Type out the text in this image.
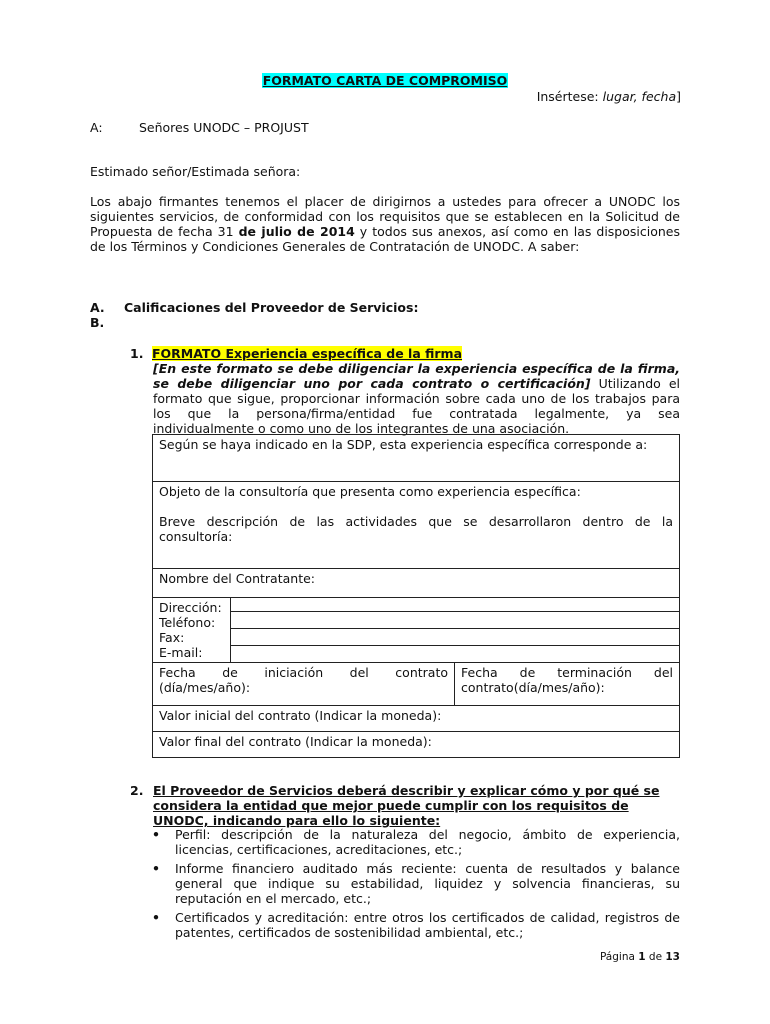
FORMATO CARTA DE COMPROMISO
Insértese: lugar, fecha]
A:	Señores UNODC – PROJUST
Estimado señor/Estimada señora:
Los abajo firmantes tenemos el placer de dirigirnos a ustedes para ofrecer a UNODC los siguientes servicios, de conformidad con los requisitos que se establecen en la Solicitud de Propuesta de fecha 31 de julio de 2014 y todos sus anexos, así como en las disposiciones de los Términos y Condiciones Generales de Contratación de UNODC. A saber:
A. Calificaciones del Proveedor de Servicios:
B.
1. FORMATO Experiencia específica de la firma
[En este formato se debe diligenciar la experiencia específica de la firma, se debe diligenciar uno por cada contrato o certificación] Utilizando el formato que sigue, proporcionar información sobre cada uno de los trabajos para los que la persona/firma/entidad fue contratada legalmente, ya sea individualmente o como uno de los integrantes de una asociación.
Según se haya indicado en la SDP, esta experiencia específica corresponde a:		

Objeto de la consultoría que presenta como experiencia específica:
Breve descripción de las actividades que se desarrollaron dentro de la consultoría:		

Nombre del Contratante:		

Dirección:
Teléfono:
Fax:
E-mail:		

Fecha de iniciación del contrato (día/mes/año):		Fecha de terminación del contrato(día/mes/año):
Valor inicial del contrato (Indicar la moneda):		
Valor final del contrato (Indicar la moneda):		
2. El Proveedor de Servicios deberá describir y explicar cómo y por qué se considera la entidad que mejor puede cumplir con los requisitos de UNODC, indicando para ello lo siguiente:
• Perfil: descripción de la naturaleza del negocio, ámbito de experiencia, licencias, certificaciones, acreditaciones, etc.;
• Informe financiero auditado más reciente: cuenta de resultados y balance general que indique su estabilidad, liquidez y solvencia financieras, su reputación en el mercado, etc.;
• Certificados y acreditación: entre otros los certificados de calidad, registros de patentes, certificados de sostenibilidad ambiental, etc.;
Página 1 de 13
